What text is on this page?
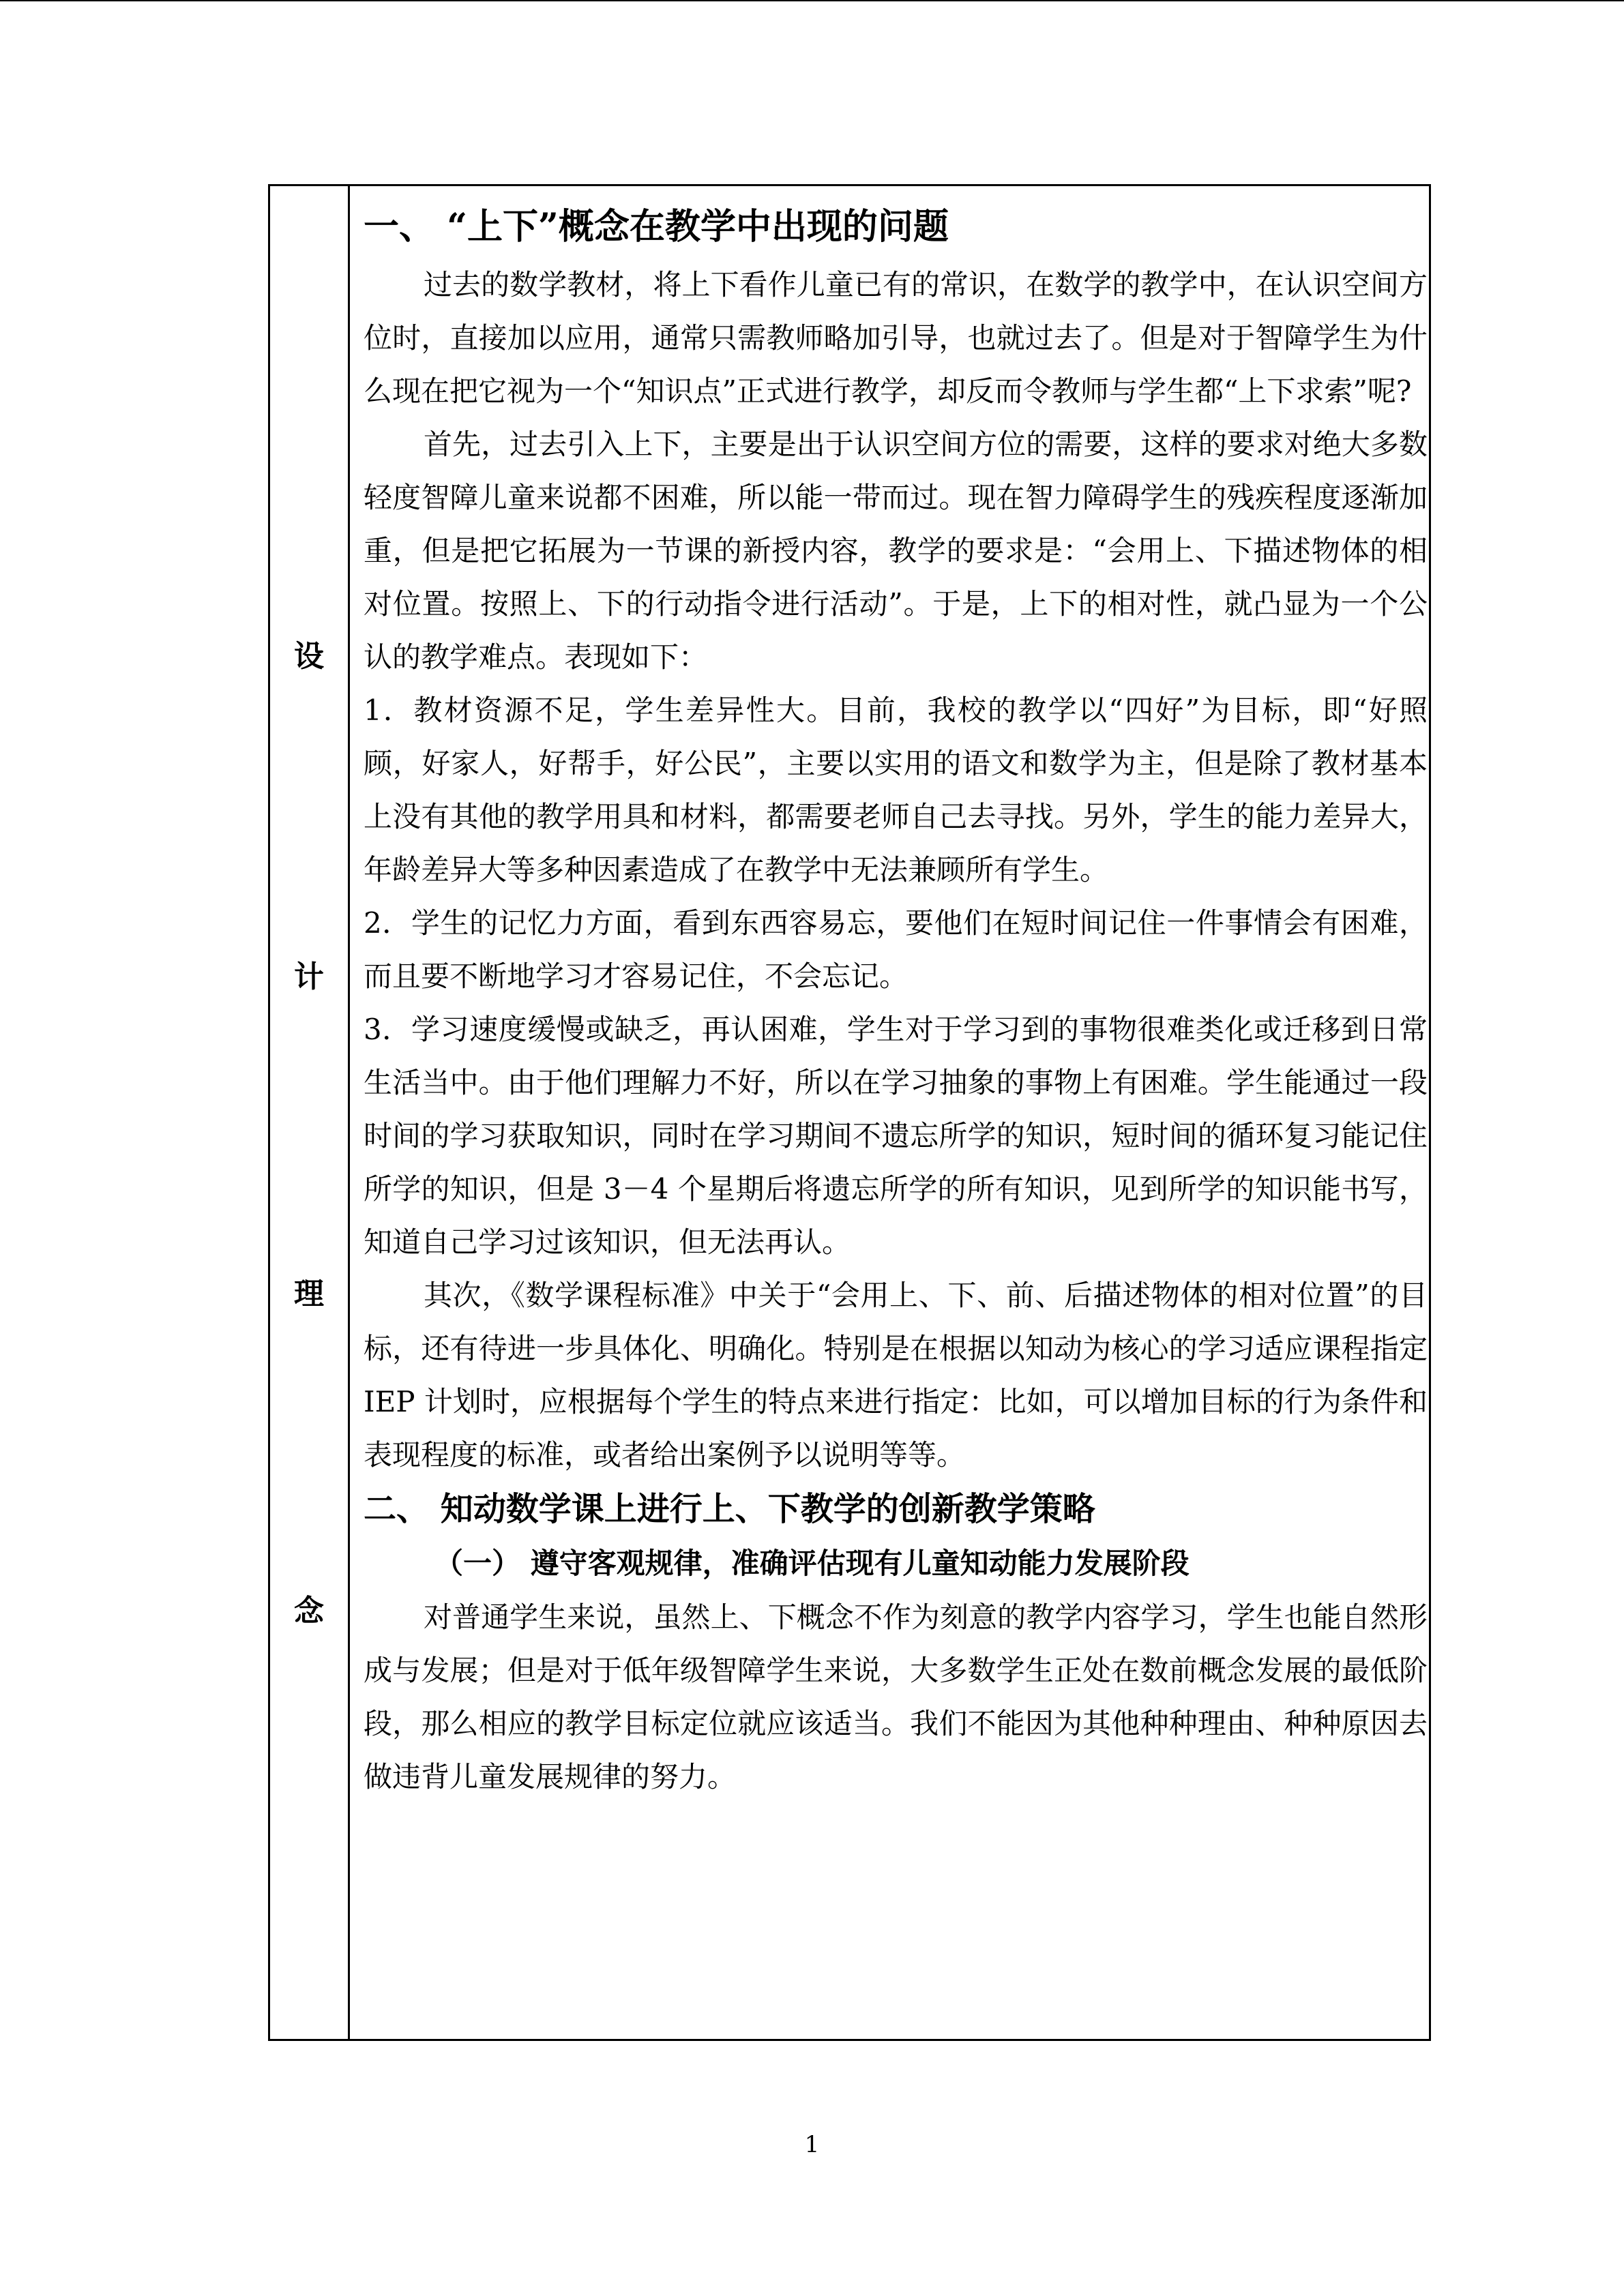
设
计
理
念
一、 “上下”概念在教学中出现的问题

过去的数学教材，将上下看作儿童已有的常识，在数学的教学中，在认识空间方位时，直接加以应用，通常只需教师略加引导，也就过去了。但是对于智障学生为什么现在把它视为一个“知识点”正式进行教学，却反而令教师与学生都“上下求索”呢?

首先，过去引入上下，主要是出于认识空间方位的需要，这样的要求对绝大多数轻度智障儿童来说都不困难，所以能一带而过。现在智力障碍学生的残疾程度逐渐加重，但是把它拓展为一节课的新授内容，教学的要求是：“会用上、下描述物体的相对位置。按照上、下的行动指令进行活动”。于是，上下的相对性，就凸显为一个公认的教学难点。表现如下：

1．教材资源不足，学生差异性大。目前，我校的教学以“四好”为目标，即“好照顾，好家人，好帮手，好公民”，主要以实用的语文和数学为主，但是除了教材基本上没有其他的教学用具和材料，都需要老师自己去寻找。另外，学生的能力差异大，年龄差异大等多种因素造成了在教学中无法兼顾所有学生。

2．学生的记忆力方面，看到东西容易忘，要他们在短时间记住一件事情会有困难，而且要不断地学习才容易记住，不会忘记。

3．学习速度缓慢或缺乏，再认困难，学生对于学习到的事物很难类化或迁移到日常生活当中。由于他们理解力不好，所以在学习抽象的事物上有困难。学生能通过一段时间的学习获取知识，同时在学习期间不遗忘所学的知识，短时间的循环复习能记住所学的知识，但是 3－4 个星期后将遗忘所学的所有知识，见到所学的知识能书写，知道自己学习过该知识，但无法再认。

其次，《数学课程标准》中关于“会用上、下、前、后描述物体的相对位置”的目标，还有待进一步具体化、明确化。特别是在根据以知动为核心的学习适应课程指定 IEP 计划时，应根据每个学生的特点来进行指定：比如，可以增加目标的行为条件和表现程度的标准，或者给出案例予以说明等等。

二、 知动数学课上进行上、下教学的创新教学策略
（一） 遵守客观规律，准确评估现有儿童知动能力发展阶段

对普通学生来说，虽然上、下概念不作为刻意的教学内容学习，学生也能自然形成与发展；但是对于低年级智障学生来说，大多数学生正处在数前概念发展的最低阶段，那么相应的教学目标定位就应该适当。我们不能因为其他种种理由、种种原因去做违背儿童发展规律的努力。

1
